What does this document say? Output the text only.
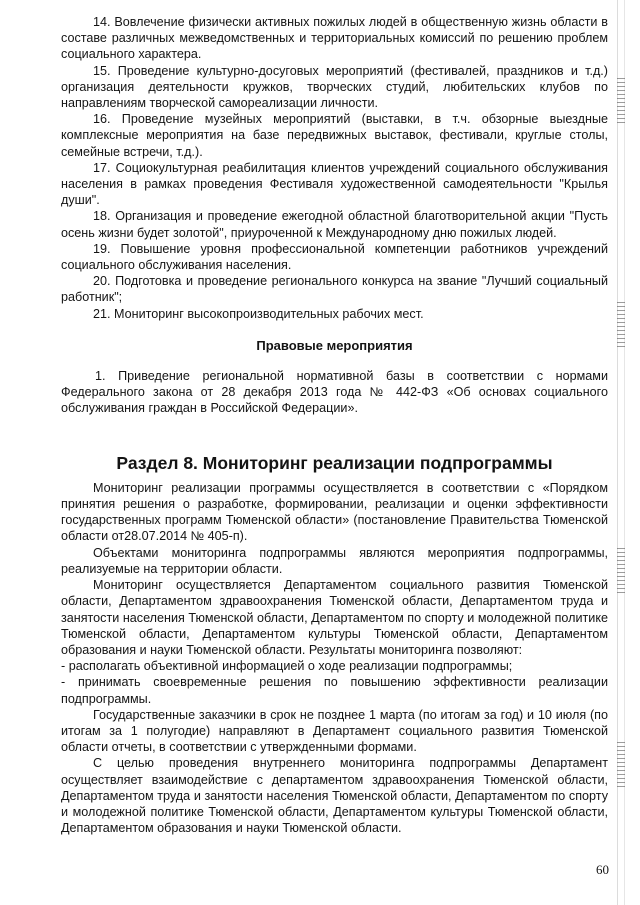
14. Вовлечение физически активных пожилых людей в общественную жизнь области в составе различных межведомственных и территориальных комиссий по решению проблем социального характера.

15. Проведение культурно-досуговых мероприятий (фестивалей, праздников и т.д.) организация деятельности кружков, творческих студий, любительских клубов по направлениям творческой самореализации личности.

16. Проведение музейных мероприятий (выставки, в т.ч. обзорные выездные комплексные мероприятия на базе передвижных выставок, фестивали, круглые столы, семейные встречи, т.д.).

17. Социокультурная реабилитация клиентов учреждений социального обслуживания населения в рамках проведения Фестиваля художественной самодеятельности "Крылья души".

18. Организация и проведение ежегодной областной благотворительной акции "Пусть осень жизни будет золотой", приуроченной к Международному дню пожилых людей.

19. Повышение уровня профессиональной компетенции работников учреждений социального обслуживания населения.

20. Подготовка и проведение регионального конкурса на звание "Лучший социальный работник";

21. Мониторинг высокопроизводительных рабочих мест.

Правовые мероприятия

1. Приведение региональной нормативной базы в соответствии с нормами Федерального закона от 28 декабря 2013 года № 442-ФЗ «Об основах социального обслуживания граждан в Российской Федерации».

Раздел 8. Мониторинг реализации подпрограммы

Мониторинг реализации программы осуществляется в соответствии с «Порядком принятия решения о разработке, формировании, реализации и оценки эффективности государственных программ Тюменской области» (постановление Правительства Тюменской области от28.07.2014 № 405-п).

Объектами мониторинга подпрограммы являются мероприятия подпрограммы, реализуемые на территории области.

Мониторинг осуществляется Департаментом социального развития Тюменской области, Департаментом здравоохранения Тюменской области, Департаментом труда и занятости населения Тюменской области, Департаментом по спорту и молодежной политике Тюменской области, Департаментом культуры Тюменской области, Департаментом образования и науки Тюменской области. Результаты мониторинга позволяют:

- располагать объективной информацией о ходе реализации подпрограммы;

- принимать своевременные решения по повышению эффективности реализации подпрограммы.

Государственные заказчики в срок не позднее 1 марта (по итогам за год) и 10 июля (по итогам за 1 полугодие) направляют в Департамент социального развития Тюменской области отчеты, в соответствии с утвержденными формами.

С целью проведения внутреннего мониторинга подпрограммы Департамент осуществляет взаимодействие с департаментом здравоохранения Тюменской области, Департаментом труда и занятости населения Тюменской области, Департаментом по спорту и молодежной политике Тюменской области, Департаментом культуры Тюменской области, Департаментом образования и науки Тюменской области.

60
